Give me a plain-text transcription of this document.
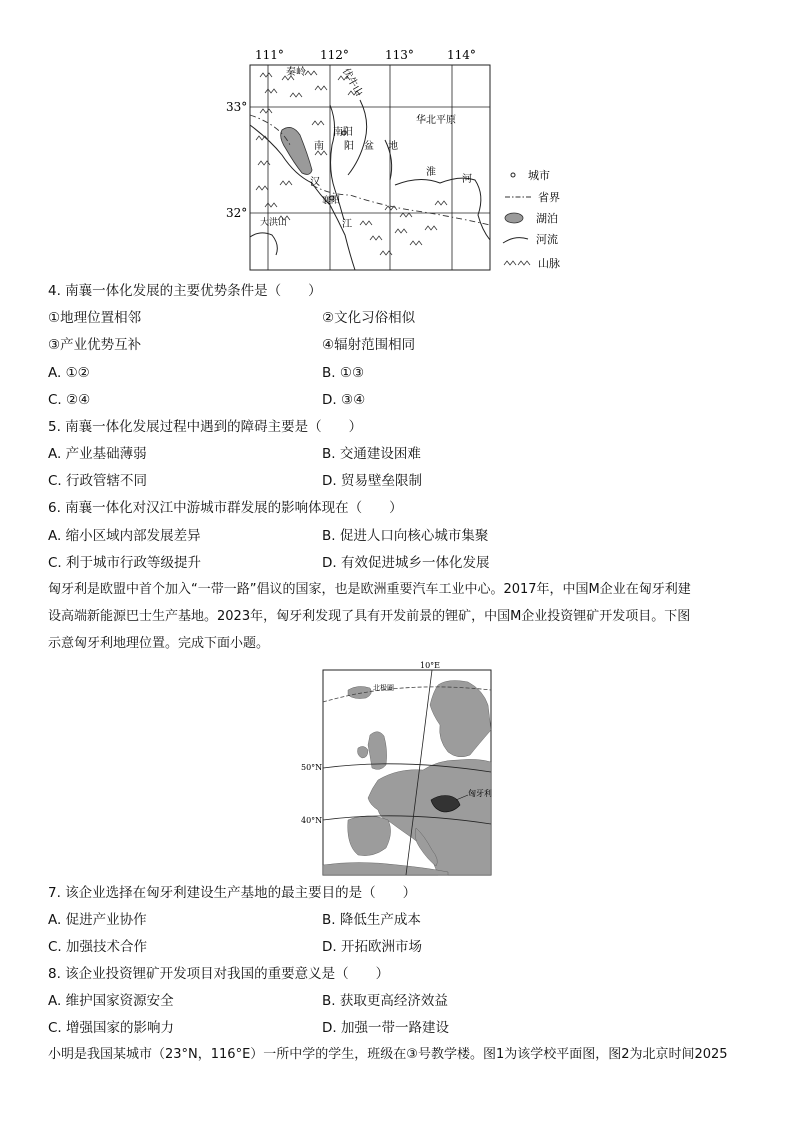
111°	112°	113°	114°
33°
32°
秦岭	伏牛山
南阳
华北平原
南 阳 盆 地
汉
襄阳
江
大洪山
淮
河	城市
省界
湖泊
河流
山脉
4. 南襄一体化发展的主要优势条件是（　　）
①地理位置相邻	②文化习俗相似
③产业优势互补	④辐射范围相同
A. ①②	B. ①③
C. ②④	D. ③④
5. 南襄一体化发展过程中遇到的障碍主要是（　　）
A. 产业基础薄弱	B. 交通建设困难
C. 行政管辖不同	D. 贸易壁垒限制
6. 南襄一体化对汉江中游城市群发展的影响体现在（　　）
A. 缩小区域内部发展差异	B. 促进人口向核心城市集聚
C. 利于城市行政等级提升	D. 有效促进城乡一体化发展
匈牙利是欧盟中首个加入“一带一路”倡议的国家，也是欧洲重要汽车工业中心。2017年，中国M企业在匈牙利建
设高端新能源巴士生产基地。2023年，匈牙利发现了具有开发前景的锂矿，中国M企业投资锂矿开发项目。下图
示意匈牙利地理位置。完成下面小题。
10°E
北极圈
50°N
40°N
匈牙利
7. 该企业选择在匈牙利建设生产基地的最主要目的是（　　）
A. 促进产业协作	B. 降低生产成本
C. 加强技术合作	D. 开拓欧洲市场
8. 该企业投资锂矿开发项目对我国的重要意义是（　　）
A. 维护国家资源安全	B. 获取更高经济效益
C. 增强国家的影响力	D. 加强一带一路建设
小明是我国某城市（23°N，116°E）一所中学的学生，班级在③号教学楼。图1为该学校平面图，图2为北京时间2025
